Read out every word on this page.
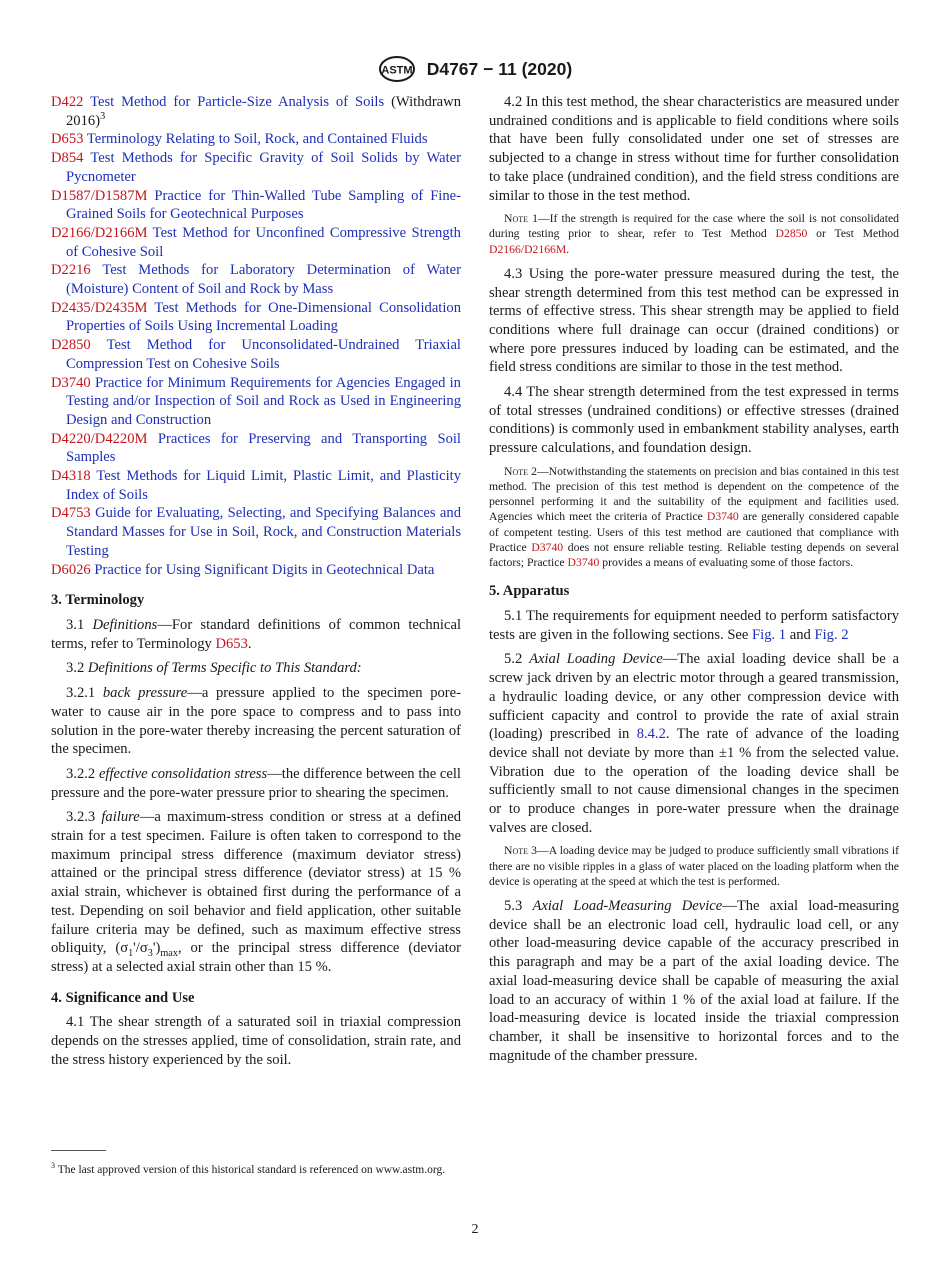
ASTM D4767 − 11 (2020)

D422 Test Method for Particle-Size Analysis of Soils (Withdrawn 2016)$^3$

D653 Terminology Relating to Soil, Rock, and Contained Fluids

D854 Test Methods for Specific Gravity of Soil Solids by Water Pycnometer

D1587/D1587M Practice for Thin-Walled Tube Sampling of Fine-Grained Soils for Geotechnical Purposes

D2166/D2166M Test Method for Unconfined Compressive Strength of Cohesive Soil

D2216 Test Methods for Laboratory Determination of Water (Moisture) Content of Soil and Rock by Mass

D2435/D2435M Test Methods for One-Dimensional Consolidation Properties of Soils Using Incremental Loading

D2850 Test Method for Unconsolidated-Undrained Triaxial Compression Test on Cohesive Soils

D3740 Practice for Minimum Requirements for Agencies Engaged in Testing and/or Inspection of Soil and Rock as Used in Engineering Design and Construction

D4220/D4220M Practices for Preserving and Transporting Soil Samples

D4318 Test Methods for Liquid Limit, Plastic Limit, and Plasticity Index of Soils

D4753 Guide for Evaluating, Selecting, and Specifying Balances and Standard Masses for Use in Soil, Rock, and Construction Materials Testing

D6026 Practice for Using Significant Digits in Geotechnical Data

3. Terminology

3.1 Definitions—For standard definitions of common technical terms, refer to Terminology D653.

3.2 Definitions of Terms Specific to This Standard:

3.2.1 back pressure—a pressure applied to the specimen pore-water to cause air in the pore space to compress and to pass into solution in the pore-water thereby increasing the percent saturation of the specimen.

3.2.2 effective consolidation stress—the difference between the cell pressure and the pore-water pressure prior to shearing the specimen.

3.2.3 failure—a maximum-stress condition or stress at a defined strain for a test specimen. Failure is often taken to correspond to the maximum principal stress difference (maximum deviator stress) attained or the principal stress difference (deviator stress) at 15 % axial strain, whichever is obtained first during the performance of a test. Depending on soil behavior and field application, other suitable failure criteria may be defined, such as maximum effective stress obliquity, $(\sigma_1'/\sigma_3')_{max}$, or the principal stress difference (deviator stress) at a selected axial strain other than 15 %.

4. Significance and Use

4.1 The shear strength of a saturated soil in triaxial compression depends on the stresses applied, time of consolidation, strain rate, and the stress history experienced by the soil.

4.2 In this test method, the shear characteristics are measured under undrained conditions and is applicable to field conditions where soils that have been fully consolidated under one set of stresses are subjected to a change in stress without time for further consolidation to take place (undrained condition), and the field stress conditions are similar to those in the test method.

Note 1—If the strength is required for the case where the soil is not consolidated during testing prior to shear, refer to Test Method D2850 or Test Method D2166/D2166M.

4.3 Using the pore-water pressure measured during the test, the shear strength determined from this test method can be expressed in terms of effective stress. This shear strength may be applied to field conditions where full drainage can occur (drained conditions) or where pore pressures induced by loading can be estimated, and the field stress conditions are similar to those in the test method.

4.4 The shear strength determined from the test expressed in terms of total stresses (undrained conditions) or effective stresses (drained conditions) is commonly used in embankment stability analyses, earth pressure calculations, and foundation design.

Note 2—Notwithstanding the statements on precision and bias contained in this test method. The precision of this test method is dependent on the competence of the personnel performing it and the suitability of the equipment and facilities used. Agencies which meet the criteria of Practice D3740 are generally considered capable of competent testing. Users of this test method are cautioned that compliance with Practice D3740 does not ensure reliable testing. Reliable testing depends on several factors; Practice D3740 provides a means of evaluating some of those factors.

5. Apparatus

5.1 The requirements for equipment needed to perform satisfactory tests are given in the following sections. See Fig. 1 and Fig. 2

5.2 Axial Loading Device—The axial loading device shall be a screw jack driven by an electric motor through a geared transmission, a hydraulic loading device, or any other compression device with sufficient capacity and control to provide the rate of axial strain (loading) prescribed in 8.4.2. The rate of advance of the loading device shall not deviate by more than ±1 % from the selected value. Vibration due to the operation of the loading device shall be sufficiently small to not cause dimensional changes in the specimen or to produce changes in pore-water pressure when the drainage valves are closed.

Note 3—A loading device may be judged to produce sufficiently small vibrations if there are no visible ripples in a glass of water placed on the loading platform when the device is operating at the speed at which the test is performed.

5.3 Axial Load-Measuring Device—The axial load-measuring device shall be an electronic load cell, hydraulic load cell, or any other load-measuring device capable of the accuracy prescribed in this paragraph and may be a part of the axial loading device. The axial load-measuring device shall be capable of measuring the axial load to an accuracy of within 1 % of the axial load at failure. If the load-measuring device is located inside the triaxial compression chamber, it shall be insensitive to horizontal forces and to the magnitude of the chamber pressure.

$^3$ The last approved version of this historical standard is referenced on www.astm.org.
2
